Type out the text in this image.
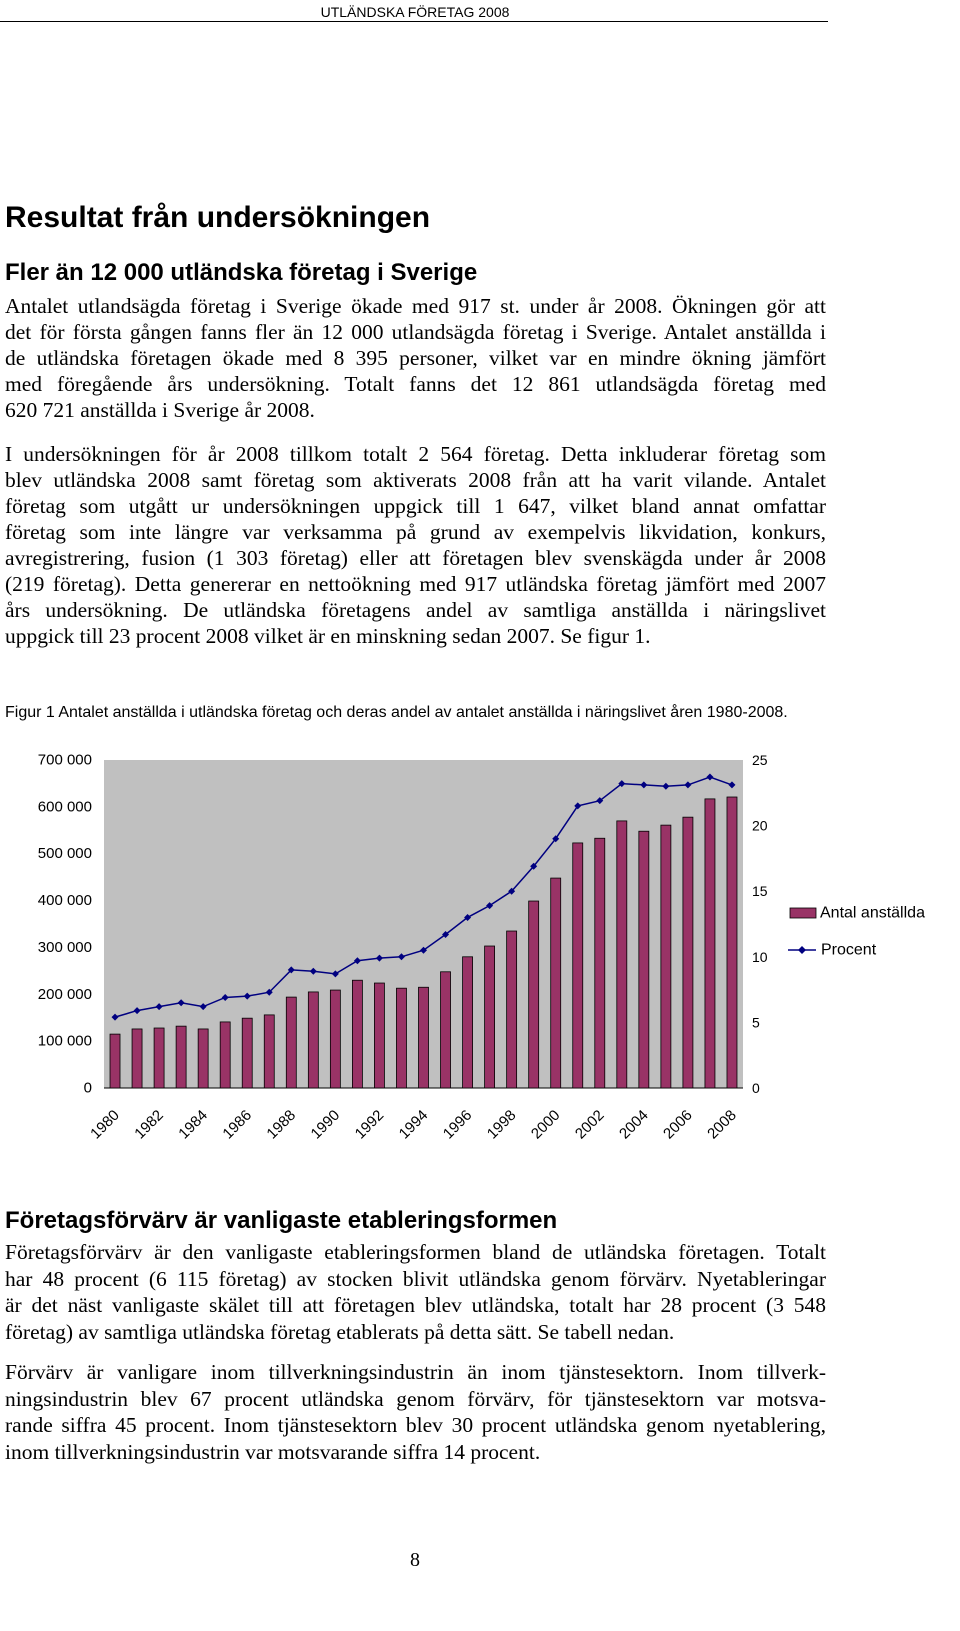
UTLÄNDSKA FÖRETAG 2008
Resultat från undersökningen
Fler än 12 000 utländska företag i Sverige
Antalet utlandsägda företag i Sverige ökade med 917 st. under år 2008. Ökningen gör att
det för första gången fanns fler än 12 000 utlandsägda företag i Sverige. Antalet anställda i
de utländska företagen ökade med 8 395 personer, vilket var en mindre ökning jämfört
med föregående års undersökning. Totalt fanns det 12 861 utlandsägda företag med
620 721 anställda i Sverige år 2008.
I undersökningen för år 2008 tillkom totalt 2 564 företag. Detta inkluderar företag som
blev utländska 2008 samt företag som aktiverats 2008 från att ha varit vilande. Antalet
företag som utgått ur undersökningen uppgick till 1 647, vilket bland annat omfattar
företag som inte längre var verksamma på grund av exempelvis likvidation, konkurs,
avregistrering, fusion (1 303 företag) eller att företagen blev svenskägda under år 2008
(219 företag). Detta genererar en nettoökning med 917 utländska företag jämfört med 2007
års undersökning. De utländska företagens andel av samtliga anställda i näringslivet
uppgick till 23 procent 2008 vilket är en minskning sedan 2007. Se figur 1.
Figur 1 Antalet anställda i utländska företag och deras andel av antalet anställda i näringslivet åren 1980-2008.
0
100 000
200 000
300 000
400 000
500 000
600 000
700 000
0
5
10
15
20
25
1980 1982 1984 1986 1988 1990 1992 1994 1996 1998 2000 2002 2004 2006 2008
Antal anställda
Procent
Företagsförvärv är vanligaste etableringsformen
Företagsförvärv är den vanligaste etableringsformen bland de utländska företagen. Totalt
har 48 procent (6 115 företag) av stocken blivit utländska genom förvärv. Nyetableringar
är det näst vanligaste skälet till att företagen blev utländska, totalt har 28 procent (3 548
företag) av samtliga utländska företag etablerats på detta sätt. Se tabell nedan.
Förvärv är vanligare inom tillverkningsindustrin än inom tjänstesektorn. Inom tillverk-
ningsindustrin blev 67 procent utländska genom förvärv, för tjänstesektorn var motsva-
rande siffra 45 procent. Inom tjänstesektorn blev 30 procent utländska genom nyetablering,
inom tillverkningsindustrin var motsvarande siffra 14 procent.
8
